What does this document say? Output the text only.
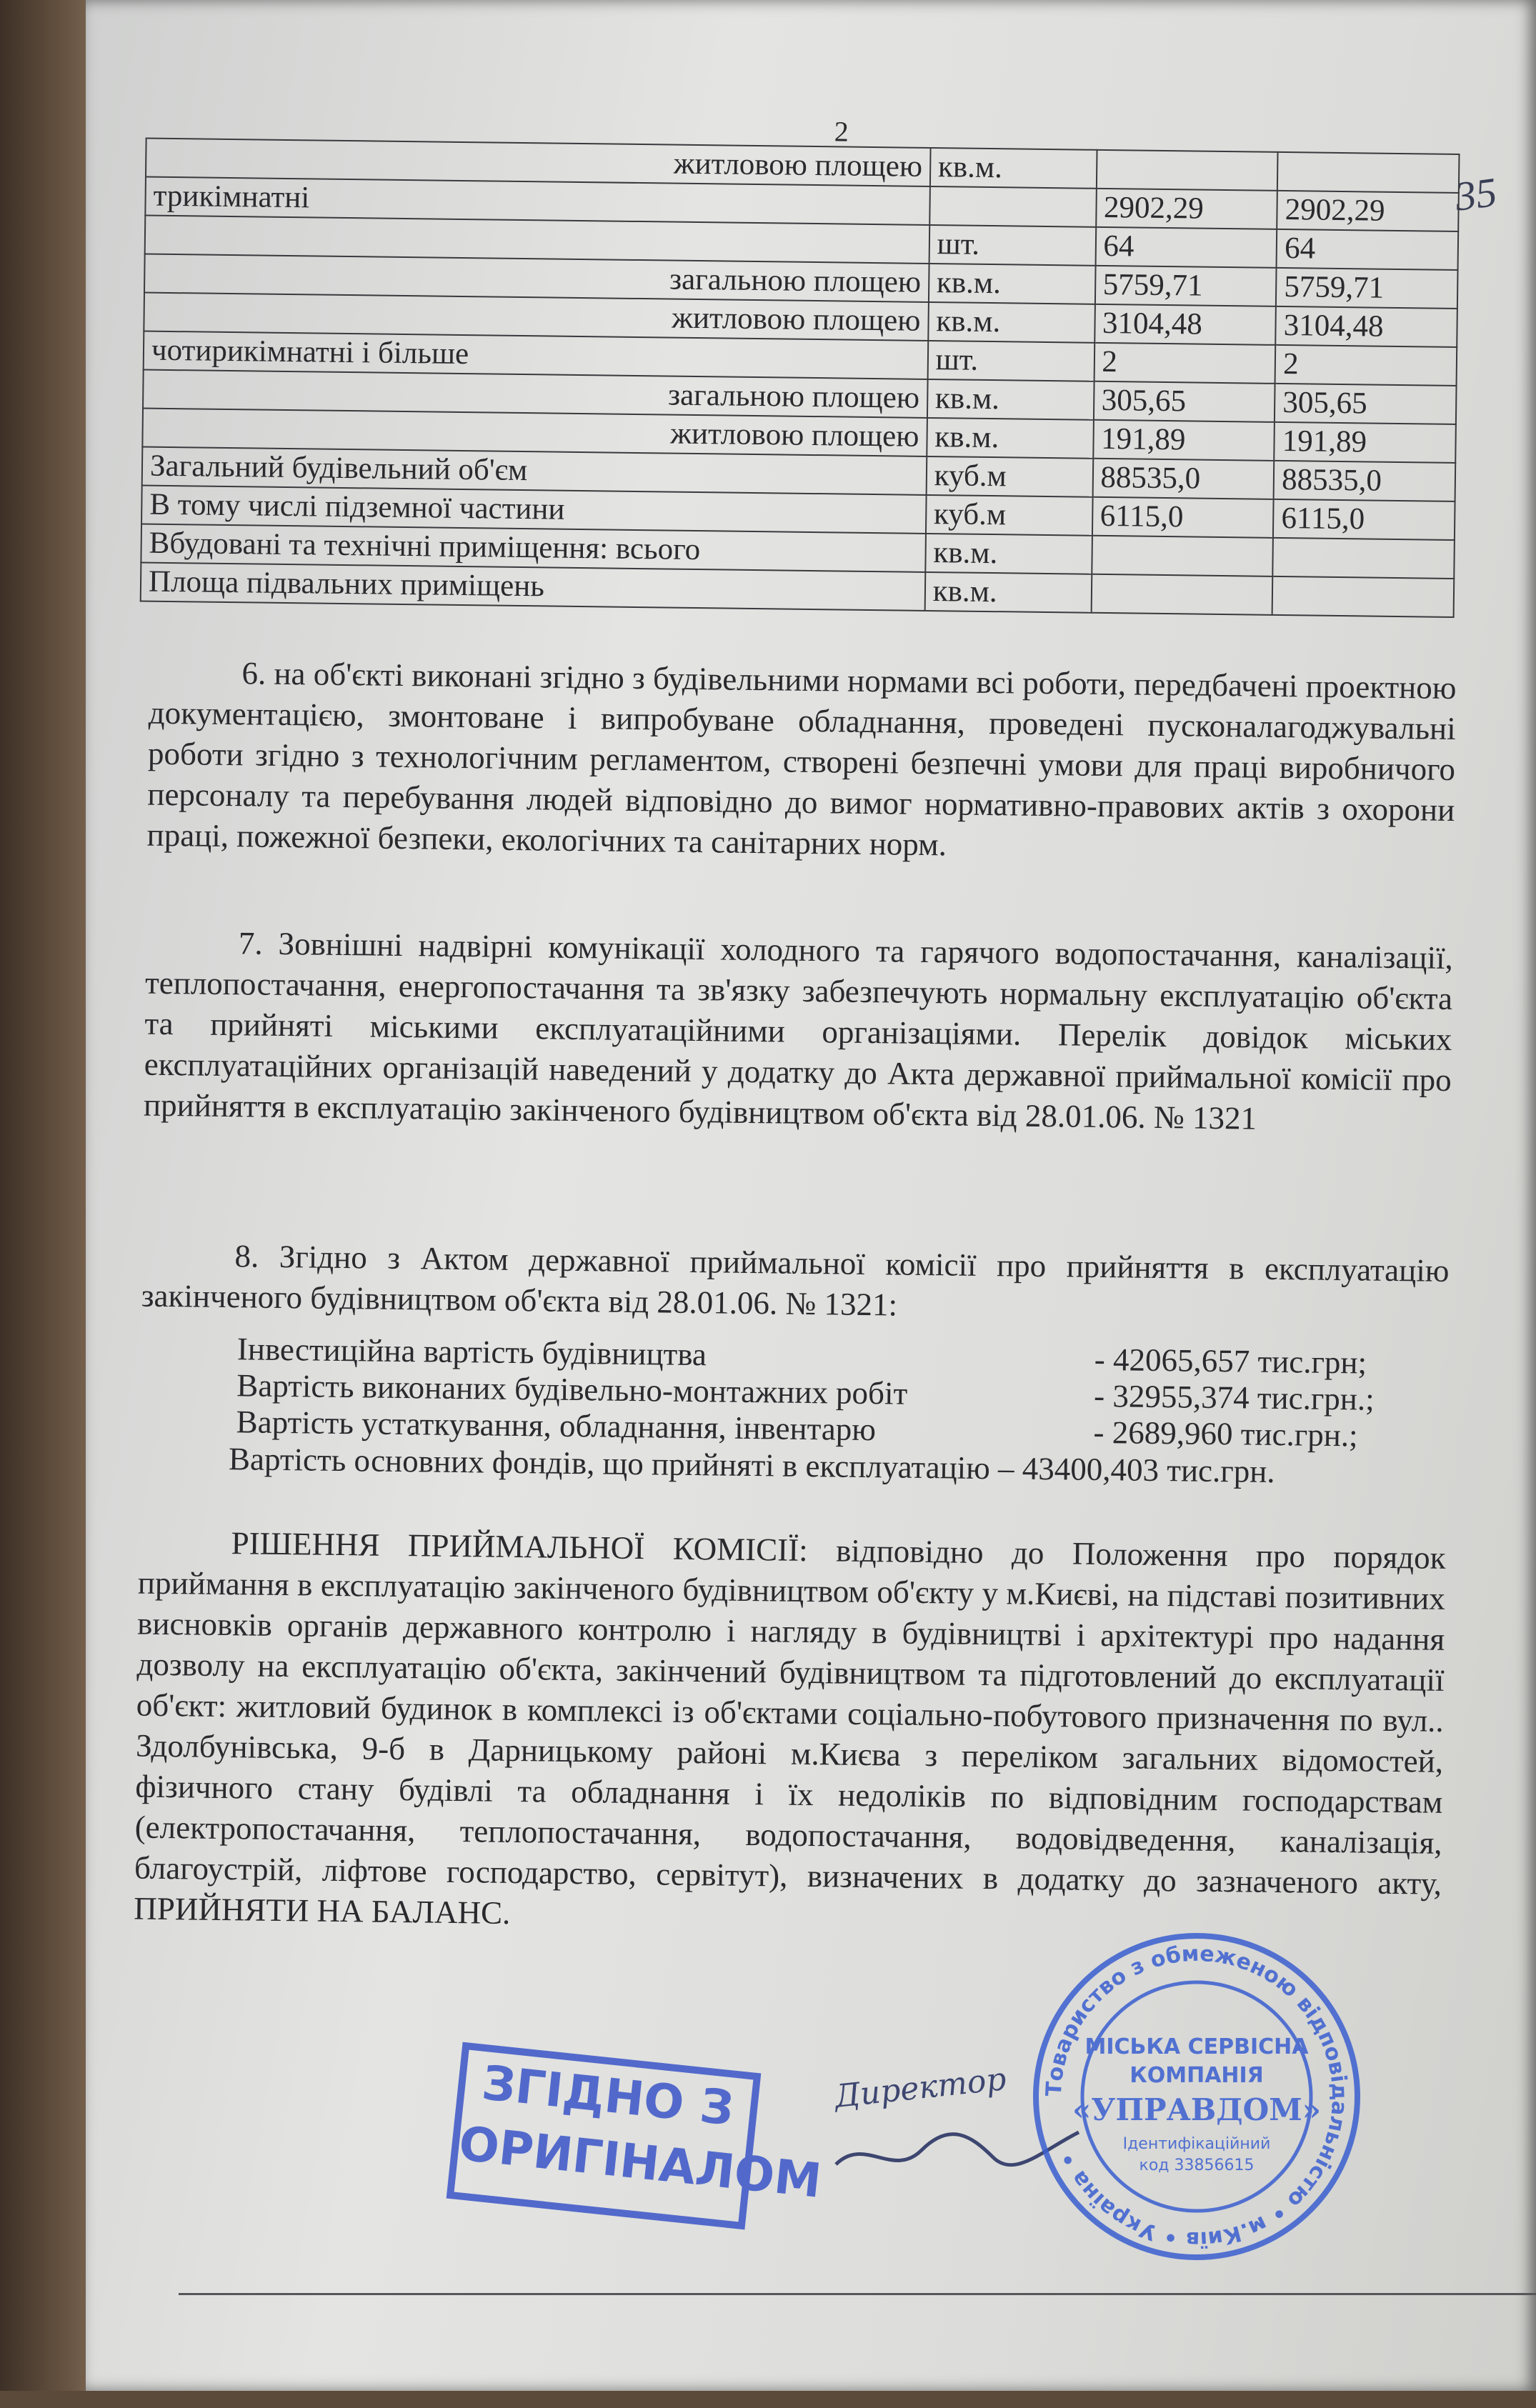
2
35
житловою площею	кв.м.		
трикімнатні		2902,29	2902,29
	шт.	64	64
загальною площею	кв.м.	5759,71	5759,71
житловою площею	кв.м.	3104,48	3104,48
чотирикімнатні і більше	шт.	2	2
загальною площею	кв.м.	305,65	305,65
житловою площею	кв.м.	191,89	191,89
Загальний будівельний об'єм	куб.м	88535,0	88535,0
В тому числі підземної частини	куб.м	6115,0	6115,0
Вбудовані та технічні приміщення: всього	кв.м.		
Площа підвальних приміщень	кв.м.		

6. на об'єкті виконані згідно з будівельними нормами всі роботи, передбачені проектною документацією, змонтоване і випробуване обладнання, проведені пусконалагоджувальні роботи згідно з технологічним регламентом, створені безпечні умови для праці виробничого персоналу та перебування людей відповідно до вимог нормативно-правових актів з охорони праці, пожежної безпеки, екологічних та санітарних норм.

7. Зовнішні надвірні комунікації холодного та гарячого водопостачання, каналізації, теплопостачання, енергопостачання та зв'язку забезпечують нормальну експлуатацію об'єкта та прийняті міськими експлуатаційними організаціями. Перелік довідок міських експлуатаційних організацій наведений у додатку до Акта державної приймальної комісії про прийняття в експлуатацію закінченого будівництвом об'єкта від 28.01.06. № 1321

8. Згідно з Актом державної приймальної комісії про прийняття в експлуатацію закінченого будівництвом об'єкта від 28.01.06. № 1321:

Інвестиційна вартість будівництва	- 42065,657 тис.грн;
Вартість виконаних будівельно-монтажних робіт	- 32955,374 тис.грн.;
Вартість устаткування, обладнання, інвентарю	- 2689,960 тис.грн.;
Вартість основних фондів, що прийняті в експлуатацію – 43400,403 тис.грн.

РІШЕННЯ ПРИЙМАЛЬНОЇ КОМІСІЇ: відповідно до Положення про порядок приймання в експлуатацію закінченого будівництвом об'єкту у м.Києві, на підставі позитивних висновків органів державного контролю і нагляду в будівництві і архітектурі про надання дозволу на експлуатацію об'єкта, закінчений будівництвом та підготовлений до експлуатації об'єкт: житловий будинок в комплексі із об'єктами соціально-побутового призначення по вул.. Здолбунівська, 9-б в Дарницькому районі м.Києва з переліком загальних відомостей, фізичного стану будівлі та обладнання і їх недоліків по відповідним господарствам (електропостачання, теплопостачання, водопостачання, водовідведення, каналізація, благоустрій, ліфтове господарство, сервітут), визначених в додатку до зазначеного акту, ПРИЙНЯТИ НА БАЛАНС.

ЗГІДНО З
ОРИГІНАЛОМ
Директор Товариство з обмеженою відповідальністю • м.Київ • Україна •
МІСЬКА СЕРВІСНА
КОМПАНІЯ
«УПРАВДОМ»
Ідентифікаційний
код 33856615
